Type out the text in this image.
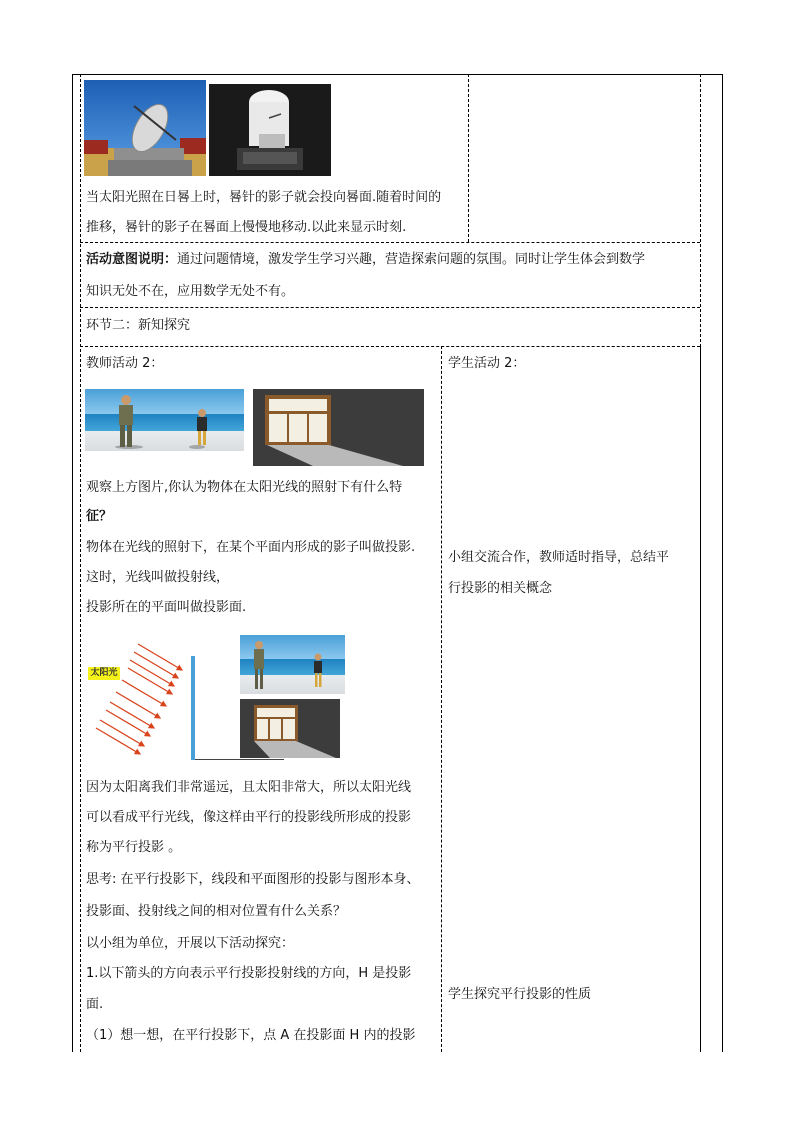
当太阳光照在日晷上时，晷针的影子就会投向晷面.随着时间的
推移，晷针的影子在晷面上慢慢地移动.以此来显示时刻.
活动意图说明：通过问题情境，激发学生学习兴趣，营造探索问题的氛围。同时让学生体会到数学
知识无处不在，应用数学无处不有。
环节二：新知探究
教师活动 2：	学生活动 2：
观察上方图片,你认为物体在太阳光线的照射下有什么特
征？
物体在光线的照射下，在某个平面内形成的影子叫做投影.
这时，光线叫做投射线，
投影所在的平面叫做投影面.
太阳光
因为太阳离我们非常遥远，且太阳非常大，所以太阳光线
可以看成平行光线，像这样由平行的投影线所形成的投影
称为平行投影 。
思考: 在平行投影下，线段和平面图形的投影与图形本身、
投影面、投射线之间的相对位置有什么关系？
以小组为单位，开展以下活动探究：
1.以下箭头的方向表示平行投影投射线的方向，H 是投影
面.
（1）想一想，在平行投影下，点 A 在投影面 H 内的投影
小组交流合作，教师适时指导，总结平
行投影的相关概念
学生探究平行投影的性质
